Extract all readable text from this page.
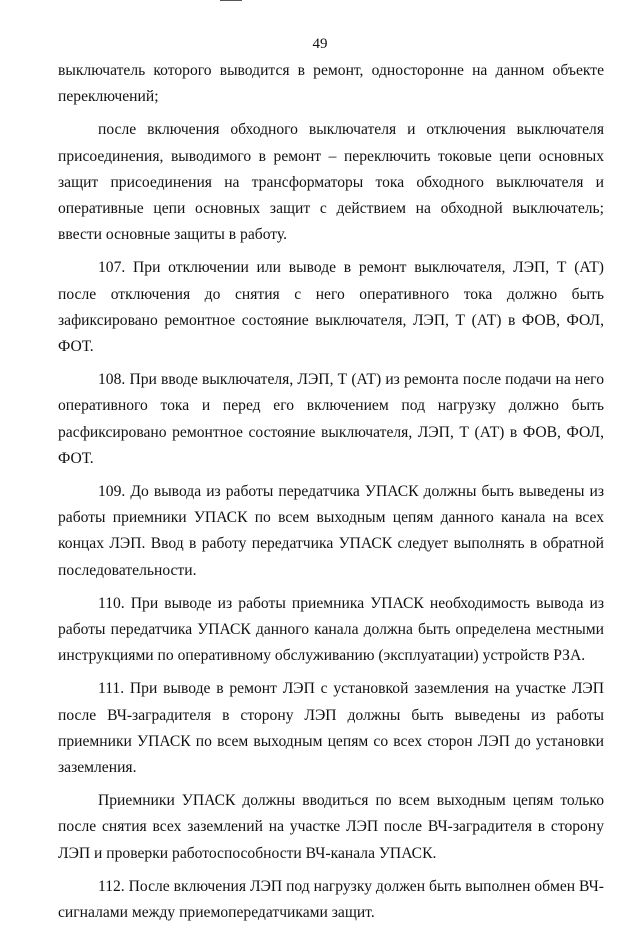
49

выключатель которого выводится в ремонт, односторонне на данном объекте переключений;

после включения обходного выключателя и отключения выключателя присоединения, выводимого в ремонт – переключить токовые цепи основных защит присоединения на трансформаторы тока обходного выключателя и оперативные цепи основных защит с действием на обходной выключатель; ввести основные защиты в работу.

107. При отключении или выводе в ремонт выключателя, ЛЭП, Т (АТ) после отключения до снятия с него оперативного тока должно быть зафиксировано ремонтное состояние выключателя, ЛЭП, Т (АТ) в ФОВ, ФОЛ, ФОТ.

108. При вводе выключателя, ЛЭП, Т (АТ) из ремонта после подачи на него оперативного тока и перед его включением под нагрузку должно быть расфиксировано ремонтное состояние выключателя, ЛЭП, Т (АТ) в ФОВ, ФОЛ, ФОТ.

109. До вывода из работы передатчика УПАСК должны быть выведены из работы приемники УПАСК по всем выходным цепям данного канала на всех концах ЛЭП. Ввод в работу передатчика УПАСК следует выполнять в обратной последовательности.

110. При выводе из работы приемника УПАСК необходимость вывода из работы передатчика УПАСК данного канала должна быть определена местными инструкциями по оперативному обслуживанию (эксплуатации) устройств РЗА.

111. При выводе в ремонт ЛЭП с установкой заземления на участке ЛЭП после ВЧ-заградителя в сторону ЛЭП должны быть выведены из работы приемники УПАСК по всем выходным цепям со всех сторон ЛЭП до установки заземления.

Приемники УПАСК должны вводиться по всем выходным цепям только после снятия всех заземлений на участке ЛЭП после ВЧ-заградителя в сторону ЛЭП и проверки работоспособности ВЧ-канала УПАСК.

112. После включения ЛЭП под нагрузку должен быть выполнен обмен ВЧ-сигналами между приемопередатчиками защит.
